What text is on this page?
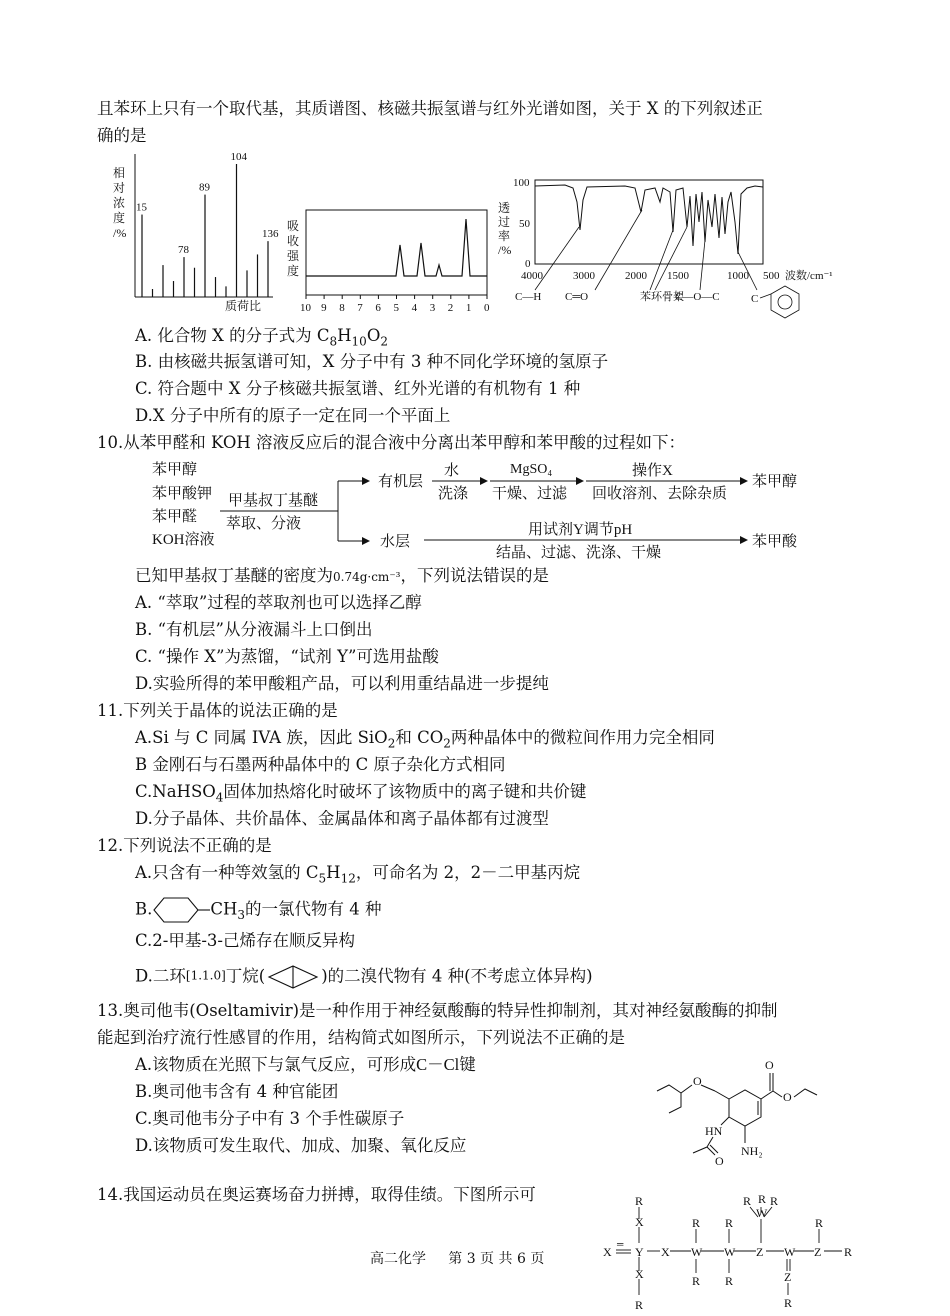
且苯环上只有一个取代基，其质谱图、核磁共振氢谱与红外光谱如图，关于 X 的下列叙述正
确的是
相
对
浓
度
/%
15
78
89
104
136
质荷比
吸
收
强
度
10 9 8 7 6 5 4 3 2 1 0
透
过
率
/%
100
50
0
4000	3000	2000 1500	1000 500 波数/cm⁻¹
C—H C═O	苯环骨架
C—O—C	C
A. 化合物 X 的分子式为 $C_8H_{10}O_2$
B. 由核磁共振氢谱可知，X 分子中有 3 种不同化学环境的氢原子
C. 符合题中 X 分子核磁共振氢谱、红外光谱的有机物有 1 种
D.X 分子中所有的原子一定在同一个平面上
10.从苯甲醛和 KOH 溶液反应后的混合液中分离出苯甲醇和苯甲酸的过程如下：
苯甲醇
苯甲酸钾
苯甲醛
KOH溶液
甲基叔丁基醚
萃取、分液
有机层
水
洗涤
MgSO₄
干燥、过滤
操作X
回收溶剂、去除杂质
苯甲醇
水层
用试剂Y调节pH
结晶、过滤、洗涤、干燥
苯甲酸
已知甲基叔丁基醚的密度为0.74g·cm⁻³，下列说法错误的是
A. “萃取”过程的萃取剂也可以选择乙醇
B. “有机层”从分液漏斗上口倒出
C. “操作 X”为蒸馏，“试剂 Y”可选用盐酸
D.实验所得的苯甲酸粗产品，可以利用重结晶进一步提纯
11.下列关于晶体的说法正确的是
A.Si 与 C 同属 IVA 族，因此 SiO$_2$和 $CO_2$两种晶体中的微粒间作用力完全相同
B 金刚石与石墨两种晶体中的 C 原子杂化方式相同
C.NaHSO$_4$固体加热熔化时破坏了该物质中的离子键和共价键
D.分子晶体、共价晶体、金属晶体和离子晶体都有过渡型
12.下列说法不正确的是
A.只含有一种等效氢的 $C_5H_{12}$，可命名为 2，2－二甲基丙烷
B.	$CH_3$的一氯代物有 4 种
C.2-甲基-3-己烯存在顺反异构
D.二环[1.1.0]丁烷(	)的二溴代物有 4 种(不考虑立体异构)
13.奥司他韦(Oseltamivir)是一种作用于神经氨酸酶的特异性抑制剂，其对神经氨酸酶的抑制
能起到治疗流行性感冒的作用，结构简式如图所示，下列说法不正确的是
A.该物质在光照下与氯气反应，可形成C－Cl键
B.奥司他韦含有 4 种官能团
C.奥司他韦分子中有 3 个手性碳原子
D.该物质可发生取代、加成、加聚、氧化反应
O
O
O
HN
O
NH₂
14.我国运动员在奥运赛场奋力拼搏，取得佳绩。下图所示可	R
X
X
═
Y X W W Z W Z R
Z
X
R
R
R
R
R
W
R
R R
R
R
高二化学     第 3 页 共 6 页
